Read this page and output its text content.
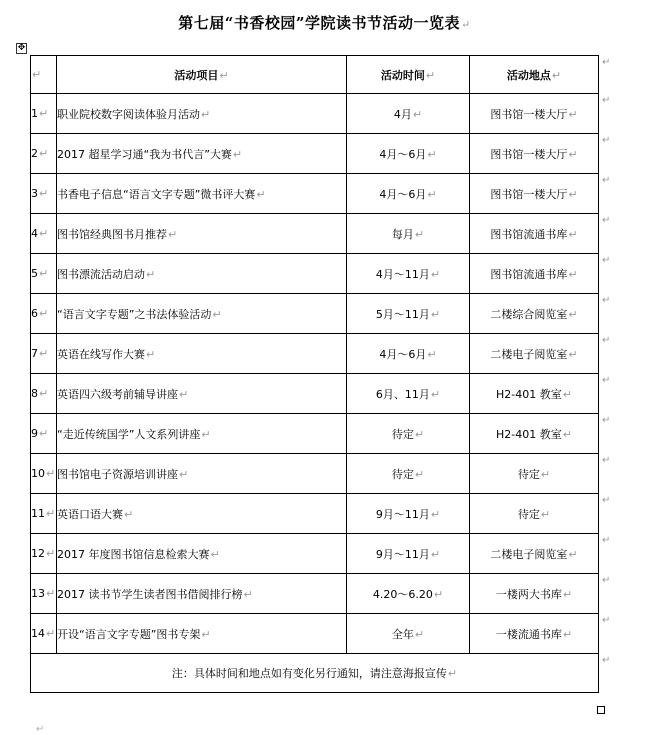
第七届“书香校园”学院读书节活动一览表↵
✥
↵	活动项目↵	活动时间↵	活动地点↵
1↵	职业院校数字阅读体验月活动↵	4月↵	图书馆一楼大厅↵
2↵	2017 超星学习通“我为书代言”大赛↵	4月～6月↵	图书馆一楼大厅↵
3↵	书香电子信息“语言文字专题”微书评大赛↵	4月～6月↵	图书馆一楼大厅↵
4↵	图书馆经典图书月推荐↵	每月↵	图书馆流通书库↵
5↵	图书漂流活动启动↵	4月～11月↵	图书馆流通书库↵
6↵	“语言文字专题”之书法体验活动↵	5月～11月↵	二楼综合阅览室↵
7↵	英语在线写作大赛↵	4月～6月↵	二楼电子阅览室↵
8↵	英语四六级考前辅导讲座↵	6月、11月↵	H2-401 教室↵
9↵	“走近传统国学”人文系列讲座↵	待定↵	H2-401 教室↵
10↵	图书馆电子资源培训讲座↵	待定↵	待定↵
11↵	英语口语大赛↵	9月～11月↵	待定↵
12↵	2017 年度图书馆信息检索大赛↵	9月～11月↵	二楼电子阅览室↵
13↵	2017 读书节学生读者图书借阅排行榜↵	4.20～6.20↵	一楼两大书库↵
14↵	开设“语言文字专题”图书专架↵	全年↵	一楼流通书库↵
注：具体时间和地点如有变化另行通知，请注意海报宣传↵			
↵
↵
↵
↵
↵
↵
↵
↵
↵
↵
↵
↵
↵
↵
↵
↵
↵
